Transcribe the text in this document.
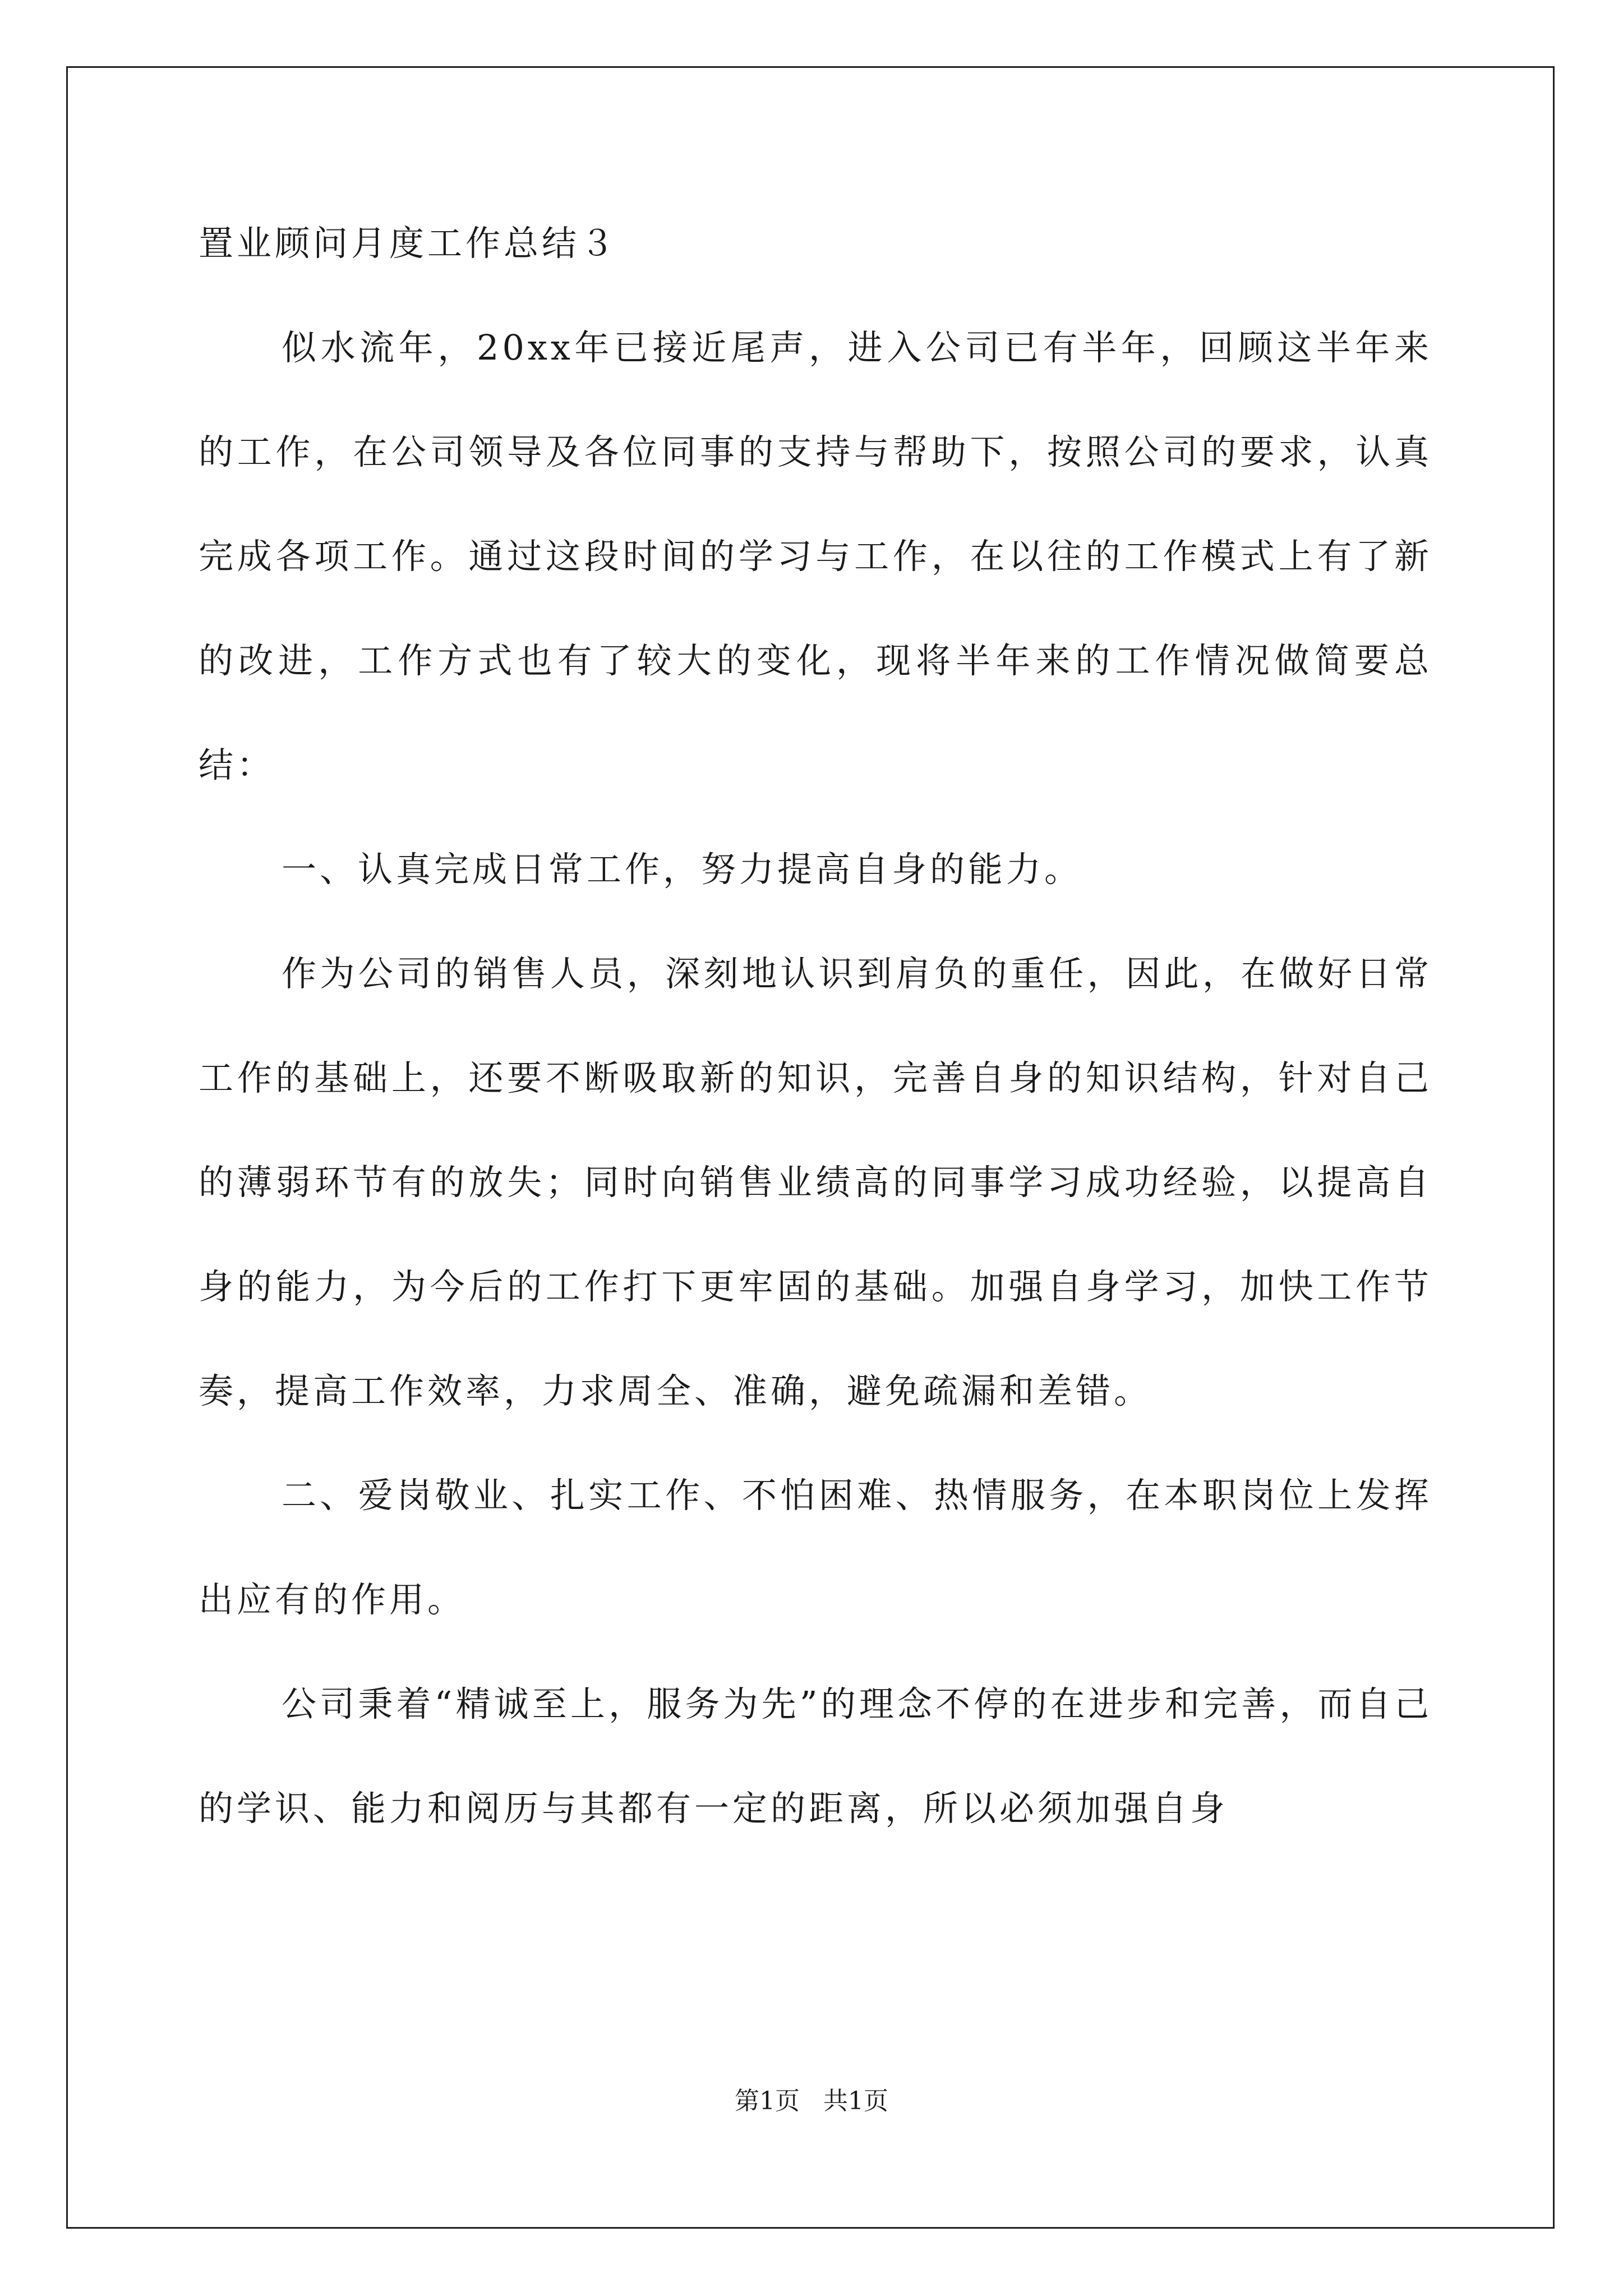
置业顾问月度工作总结３

似水流年，20xx年已接近尾声，进入公司已有半年，回顾这半年来的工作，在公司领导及各位同事的支持与帮助下，按照公司的要求，认真完成各项工作。通过这段时间的学习与工作，在以往的工作模式上有了新的改进，工作方式也有了较大的变化，现将半年来的工作情况做简要总结：

一、认真完成日常工作，努力提高自身的能力。

作为公司的销售人员，深刻地认识到肩负的重任，因此，在做好日常工作的基础上，还要不断吸取新的知识，完善自身的知识结构，针对自己的薄弱环节有的放失；同时向销售业绩高的同事学习成功经验，以提高自身的能力，为今后的工作打下更牢固的基础。加强自身学习，加快工作节奏，提高工作效率，力求周全、准确，避免疏漏和差错。

二、爱岗敬业、扎实工作、不怕困难、热情服务，在本职岗位上发挥出应有的作用。

公司秉着“精诚至上，服务为先”的理念不停的在进步和完善，而自己的学识、能力和阅历与其都有一定的距离，所以必须加强自身

第1页   共1页
